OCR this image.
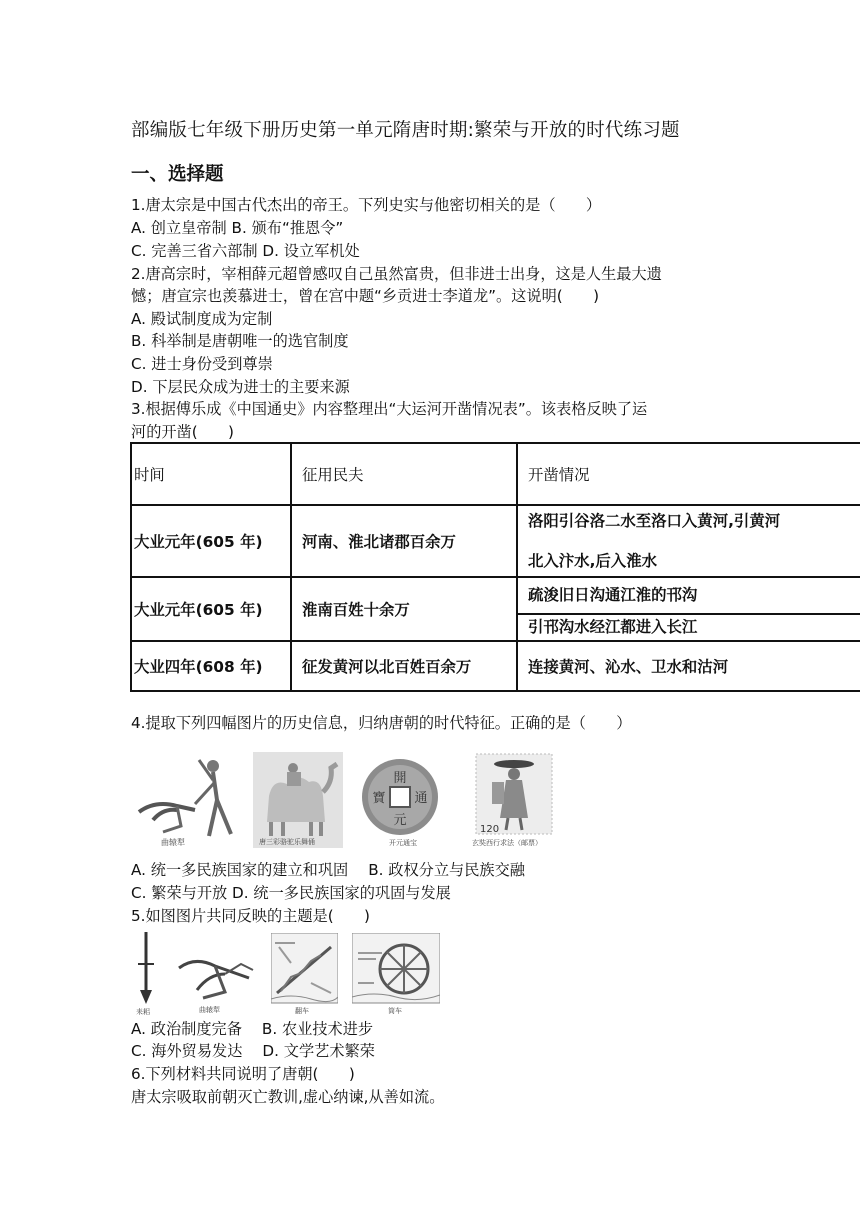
部编版七年级下册历史第一单元隋唐时期:繁荣与开放的时代练习题
一、选择题
1.唐太宗是中国古代杰出的帝王。下列史实与他密切相关的是（　　）
A. 创立皇帝制 B. 颁布“推恩令”
C. 完善三省六部制 D. 设立军机处
2.唐高宗时，宰相薛元超曾感叹自己虽然富贵，但非进士出身，这是人生最大遗
憾；唐宣宗也羡慕进士，曾在宫中题“乡贡进士李道龙”。这说明(　　)
A. 殿试制度成为定制
B. 科举制是唐朝唯一的选官制度
C. 进士身份受到尊崇
D. 下层民众成为进士的主要来源
3.根据傅乐成《中国通史》内容整理出“大运河开凿情况表”。该表格反映了运
河的开凿(　　)
时间	征用民夫	开凿情况
大业元年(605 年)	河南、淮北诸郡百余万	洛阳引谷洛二水至洛口入黄河,引黄河
北入汴水,后入淮水

大业元年(605 年)	淮南百姓十余万	疏浚旧日沟通江淮的邗沟
引邗沟水经江都进入长江

大业四年(608 年)	征发黄河以北百姓百余万	连接黄河、沁水、卫水和沽河
4.提取下列四幅图片的历史信息，归纳唐朝的时代特征。正确的是（　　）
曲辕犁	唐三彩骆驼乐舞俑
開
元
通
寶
开元通宝
120
玄奘西行求法（邮票）
A. 统一多民族国家的建立和巩固　 B. 政权分立与民族交融
C. 繁荣与开放 D. 统一多民族国家的巩固与发展
5.如图图片共同反映的主题是(　　)
耒耜	曲辕犁	翻车	筒车
A. 政治制度完备　 B. 农业技术进步
C. 海外贸易发达　 D. 文学艺术繁荣
6.下列材料共同说明了唐朝(　　)
唐太宗吸取前朝灭亡教训,虚心纳谏,从善如流。
